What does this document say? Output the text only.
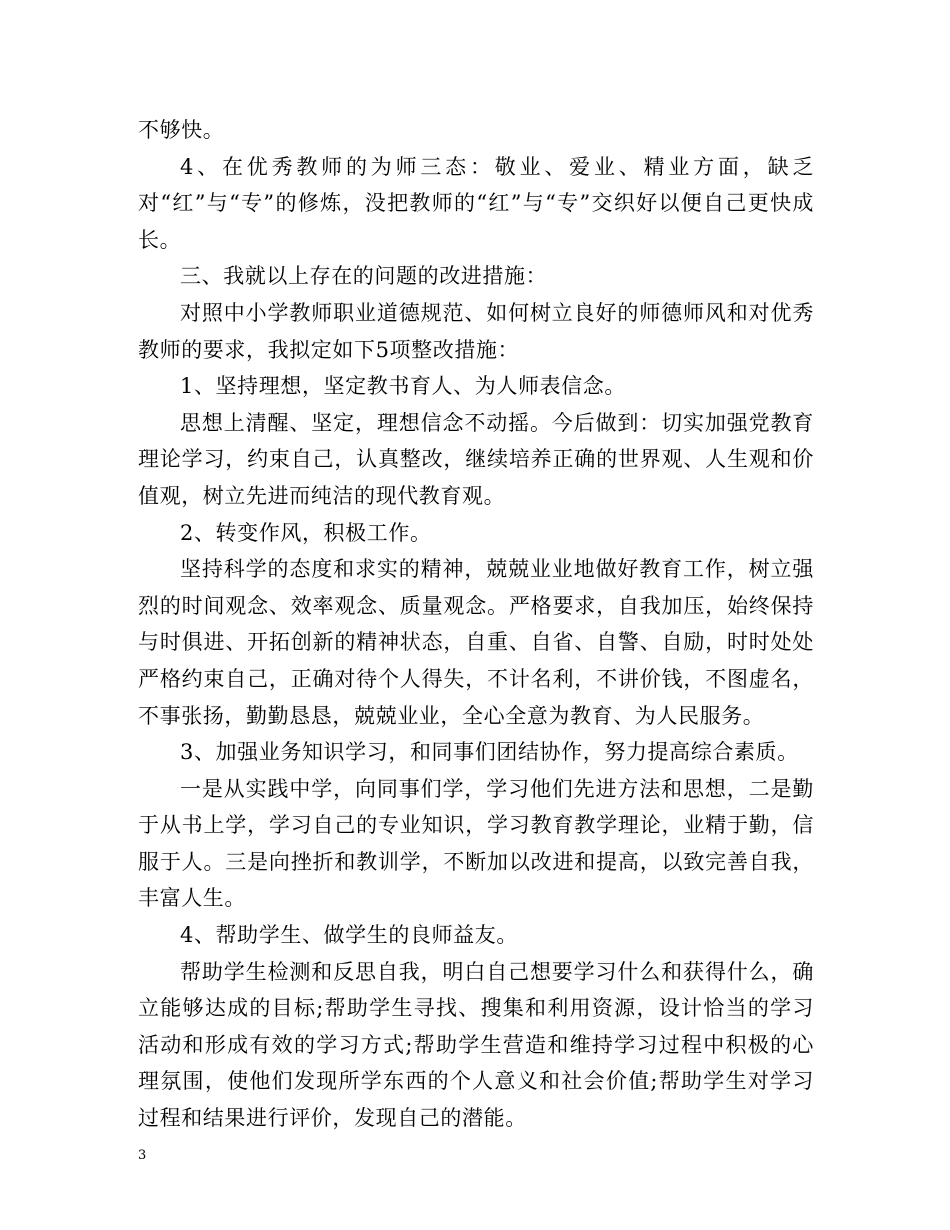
不够快。

4、在优秀教师的为师三态：敬业、爱业、精业方面，缺乏对“红”与“专”的修炼，没把教师的“红”与“专”交织好以便自己更快成长。

三、我就以上存在的问题的改进措施：

对照中小学教师职业道德规范、如何树立良好的师德师风和对优秀教师的要求，我拟定如下5项整改措施：

1、坚持理想，坚定教书育人、为人师表信念。

思想上清醒、坚定，理想信念不动摇。今后做到：切实加强党教育理论学习，约束自己，认真整改，继续培养正确的世界观、人生观和价值观，树立先进而纯洁的现代教育观。

2、转变作风，积极工作。

坚持科学的态度和求实的精神，兢兢业业地做好教育工作，树立强烈的时间观念、效率观念、质量观念。严格要求，自我加压，始终保持与时俱进、开拓创新的精神状态，自重、自省、自警、自励，时时处处严格约束自己，正确对待个人得失，不计名利，不讲价钱，不图虚名，不事张扬，勤勤恳恳，兢兢业业，全心全意为教育、为人民服务。

3、加强业务知识学习，和同事们团结协作，努力提高综合素质。

一是从实践中学，向同事们学，学习他们先进方法和思想，二是勤于从书上学，学习自己的专业知识，学习教育教学理论，业精于勤，信服于人。三是向挫折和教训学，不断加以改进和提高，以致完善自我，丰富人生。

4、帮助学生、做学生的良师益友。

帮助学生检测和反思自我，明白自己想要学习什么和获得什么，确立能够达成的目标;帮助学生寻找、搜集和利用资源，设计恰当的学习活动和形成有效的学习方式;帮助学生营造和维持学习过程中积极的心理氛围，使他们发现所学东西的个人意义和社会价值;帮助学生对学习过程和结果进行评价，发现自己的潜能。

3
